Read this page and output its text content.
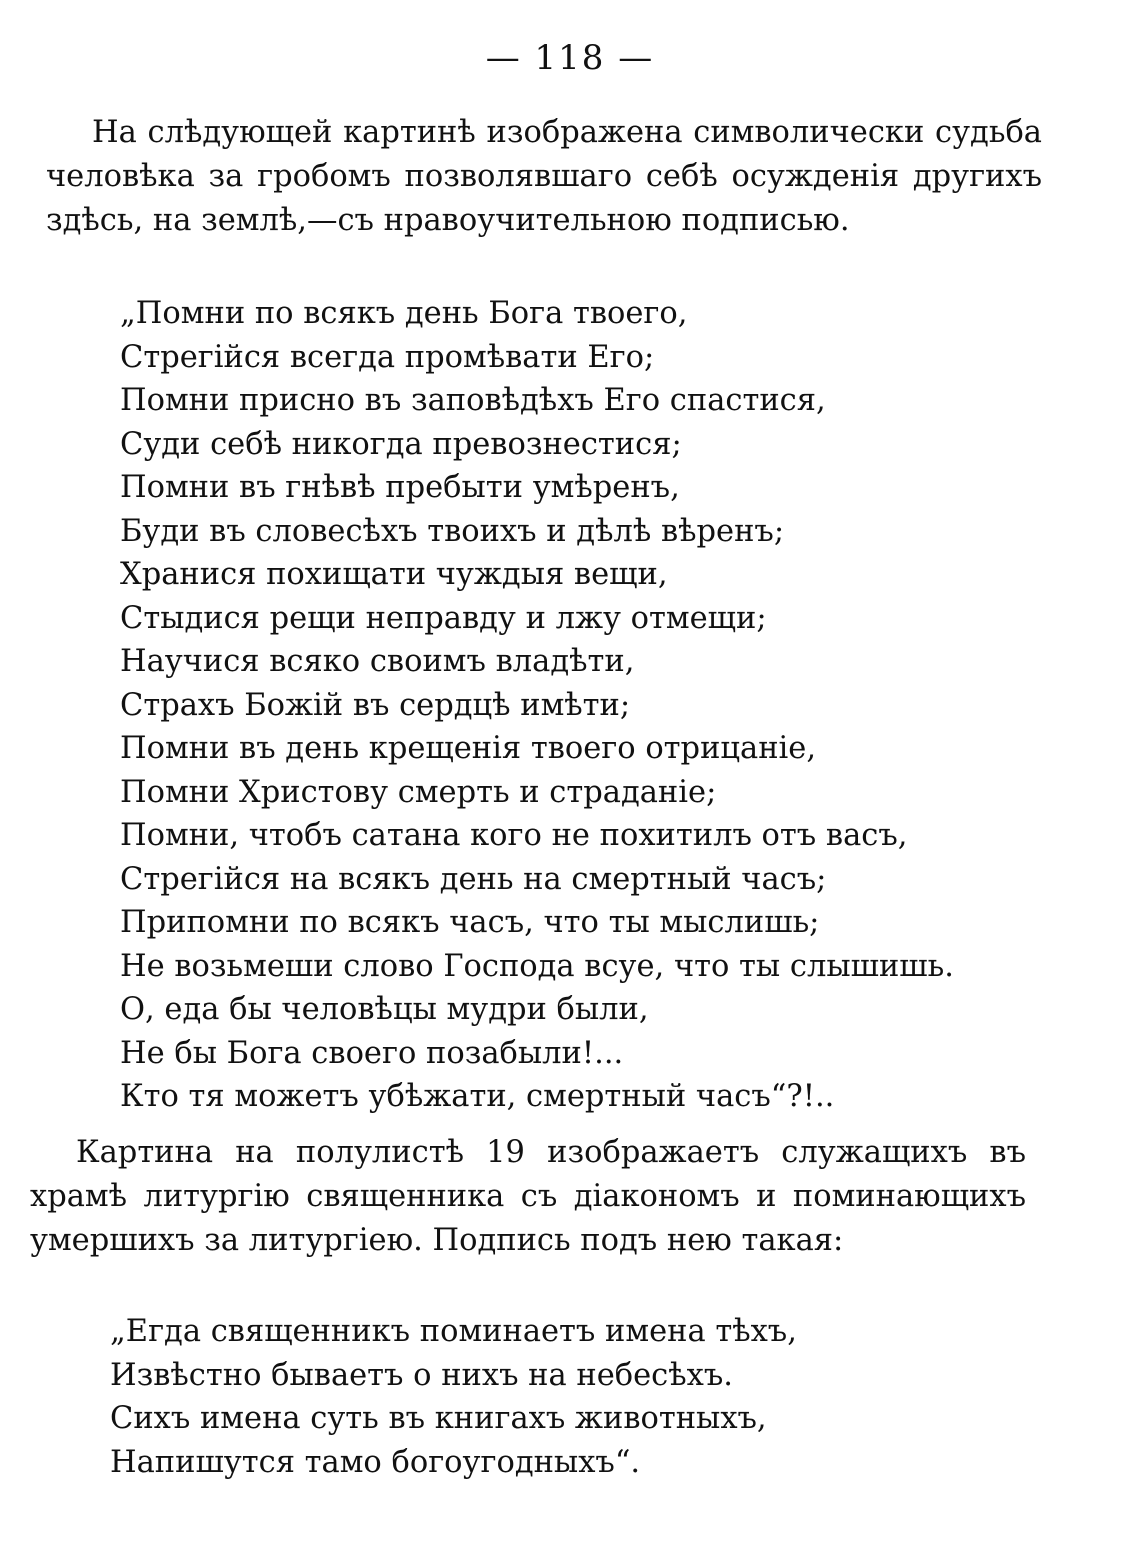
— 118 —
На слѣдующей картинѣ изображена символически судьба человѣка за гробомъ позволявшаго себѣ осужденія другихъ здѣсь, на землѣ,—съ нравоучительною подписью.
„Помни по всякъ день Бога твоего,
Стрегійся всегда промѣвати Его;
Помни присно въ заповѣдѣхъ Его спастися,
Суди себѣ никогда превознестися;
Помни въ гнѣвѣ пребыти умѣренъ,
Буди въ словесѣхъ твоихъ и дѣлѣ вѣренъ;
Хранися похищати чуждыя вещи,
Стыдися рещи неправду и лжу отмещи;
Научися всяко своимъ владѣти,
Страхъ Божій въ сердцѣ имѣти;
Помни въ день крещенія твоего отрицаніе,
Помни Христову смерть и страданіе;
Помни, чтобъ сатана кого не похитилъ отъ васъ,
Стрегійся на всякъ день на смертный часъ;
Припомни по всякъ часъ, что ты мыслишь;
Не возьмеши слово Господа всуе, что ты слышишь.
О, еда бы человѣцы мудри были,
Не бы Бога своего позабыли!...
Кто тя можетъ убѣжати, смертный часъ“?!..
Картина на полулистѣ 19 изображаетъ служащихъ въ храмѣ литургію священника съ діакономъ и поминающихъ умершихъ за литургіею. Подпись подъ нею такая:
„Егда священникъ поминаетъ имена тѣхъ,
Извѣстно бываетъ о нихъ на небесѣхъ.
Сихъ имена суть въ книгахъ животныхъ,
Напишутся тамо богоугодныхъ“.
